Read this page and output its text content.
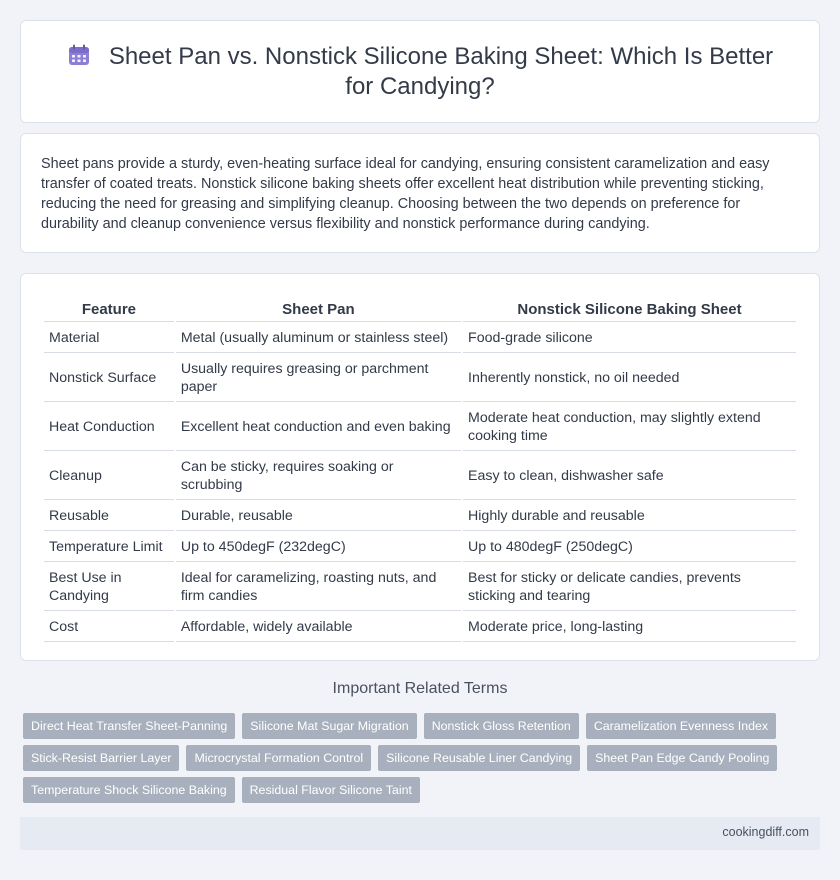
Sheet Pan vs. Nonstick Silicone Baking Sheet: Which Is Better for Candying?

Sheet pans provide a sturdy, even-heating surface ideal for candying, ensuring consistent caramelization and easy transfer of coated treats. Nonstick silicone baking sheets offer excellent heat distribution while preventing sticking, reducing the need for greasing and simplifying cleanup. Choosing between the two depends on preference for durability and cleanup convenience versus flexibility and nonstick performance during candying.

Feature	Sheet Pan	Nonstick Silicone Baking Sheet
Material	Metal (usually aluminum or stainless steel)	Food-grade silicone
Nonstick Surface	Usually requires greasing or parchment paper	Inherently nonstick, no oil needed
Heat Conduction	Excellent heat conduction and even baking	Moderate heat conduction, may slightly extend cooking time
Cleanup	Can be sticky, requires soaking or scrubbing	Easy to clean, dishwasher safe
Reusable	Durable, reusable	Highly durable and reusable
Temperature Limit	Up to 450degF (232degC)	Up to 480degF (250degC)
Best Use in Candying	Ideal for caramelizing, roasting nuts, and firm candies	Best for sticky or delicate candies, prevents sticking and tearing
Cost	Affordable, widely available	Moderate price, long-lasting
Important Related Terms
Direct Heat Transfer Sheet-Panning	Silicone Mat Sugar Migration	Nonstick Gloss Retention	Caramelization Evenness Index
Stick-Resist Barrier Layer	Microcrystal Formation Control	Silicone Reusable Liner Candying	Sheet Pan Edge Candy Pooling
Temperature Shock Silicone Baking	Residual Flavor Silicone Taint
cookingdiff.com
